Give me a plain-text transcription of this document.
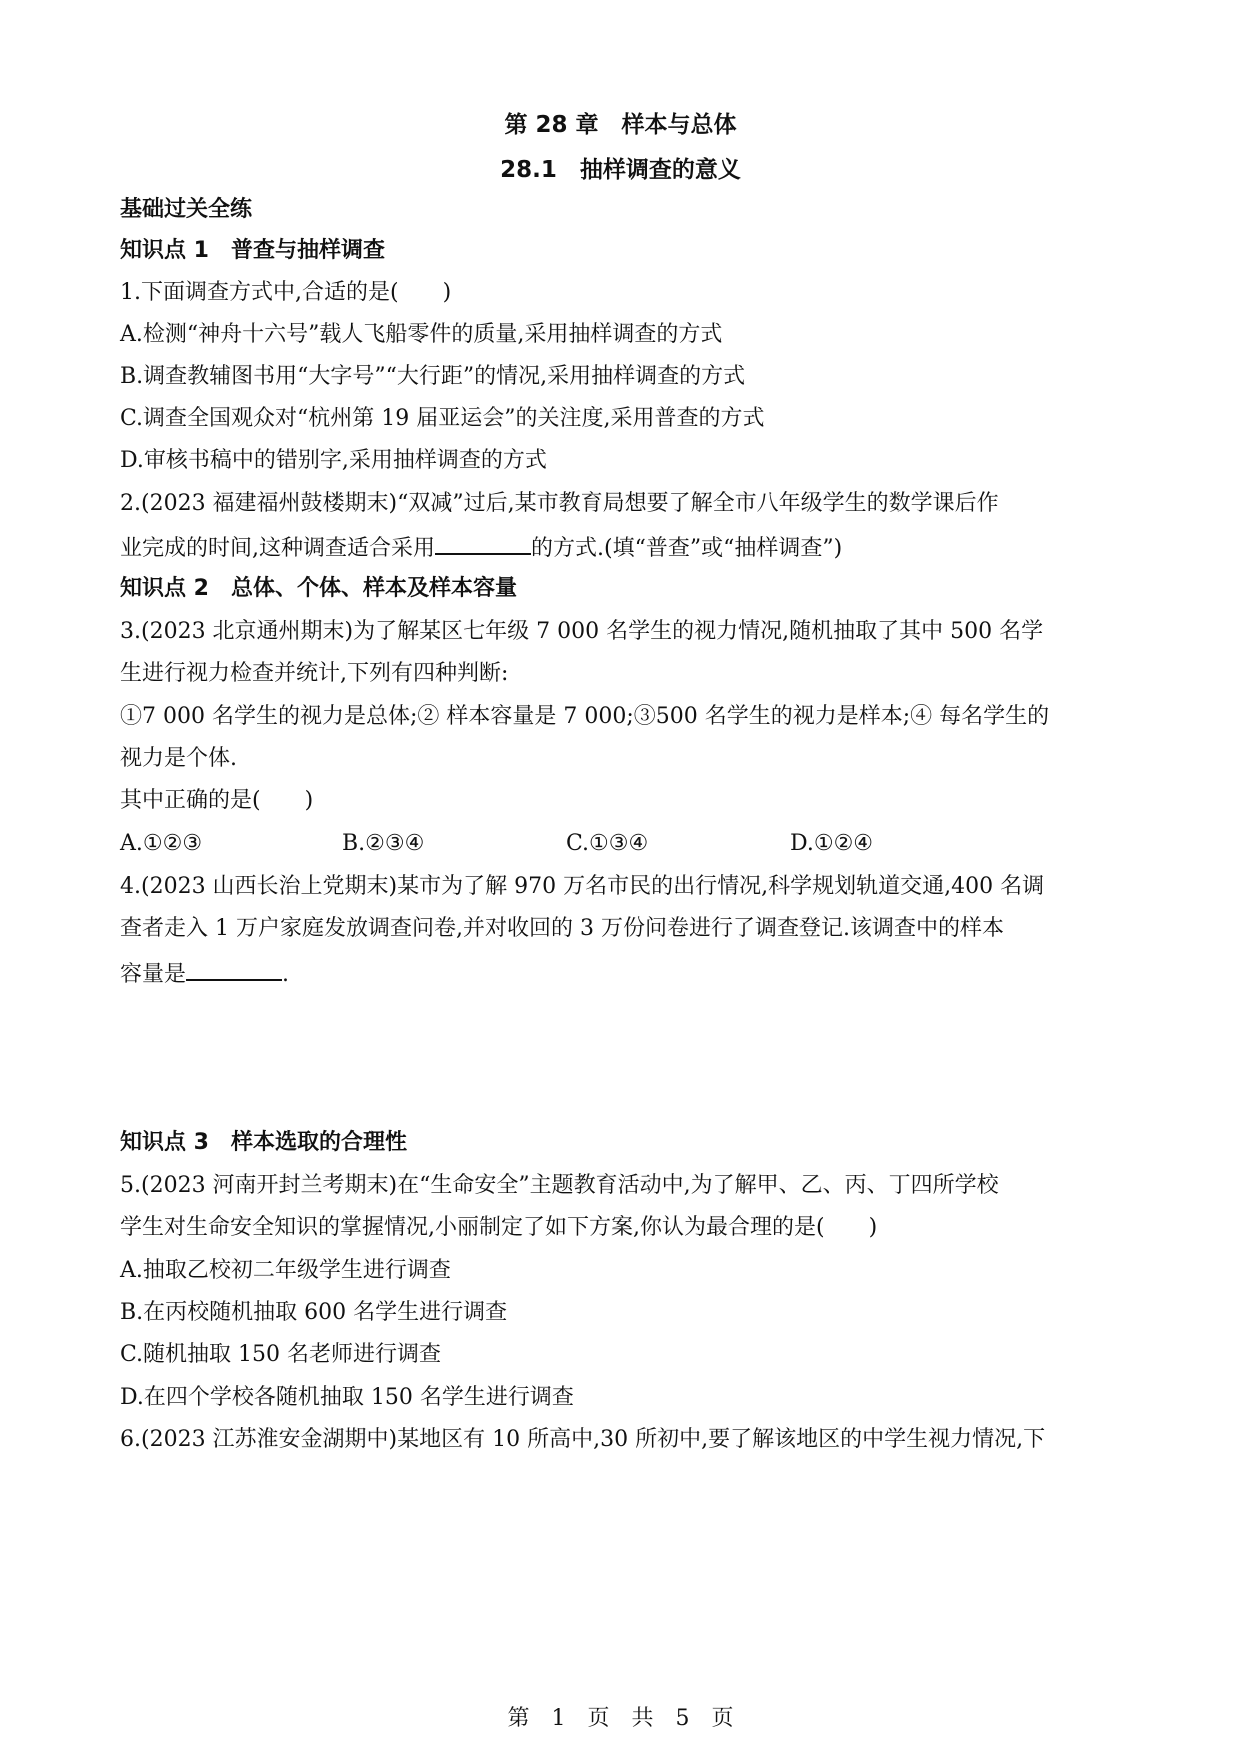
第 28 章　样本与总体
28.1　抽样调查的意义
基础过关全练
知识点 1　普查与抽样调查
1.下面调查方式中,合适的是(　　)
A.检测“神舟十六号”载人飞船零件的质量,采用抽样调查的方式
B.调查教辅图书用“大字号”“大行距”的情况,采用抽样调查的方式
C.调查全国观众对“杭州第 19 届亚运会”的关注度,采用普查的方式
D.审核书稿中的错别字,采用抽样调查的方式
2.(2023 福建福州鼓楼期末)“双减”过后,某市教育局想要了解全市八年级学生的数学课后作
业完成的时间,这种调查适合采用	的方式.(填“普查”或“抽样调查”)
知识点 2　总体、个体、样本及样本容量
3.(2023 北京通州期末)为了解某区七年级 7 000 名学生的视力情况,随机抽取了其中 500 名学
生进行视力检查并统计,下列有四种判断:
①7 000 名学生的视力是总体;② 样本容量是 7 000;③500 名学生的视力是样本;④ 每名学生的
视力是个体.
其中正确的是(　　)
A.①②③	B.②③④	C.①③④	D.①②④
4.(2023 山西长治上党期末)某市为了解 970 万名市民的出行情况,科学规划轨道交通,400 名调
查者走入 1 万户家庭发放调查问卷,并对收回的 3 万份问卷进行了调查登记.该调查中的样本
容量是	.
知识点 3　样本选取的合理性
5.(2023 河南开封兰考期末)在“生命安全”主题教育活动中,为了解甲、乙、丙、丁四所学校
学生对生命安全知识的掌握情况,小丽制定了如下方案,你认为最合理的是(　　)
A.抽取乙校初二年级学生进行调查
B.在丙校随机抽取 600 名学生进行调查
C.随机抽取 150 名老师进行调查
D.在四个学校各随机抽取 150 名学生进行调查
6.(2023 江苏淮安金湖期中)某地区有 10 所高中,30 所初中,要了解该地区的中学生视力情况,下
第　1　页　共　5　页
